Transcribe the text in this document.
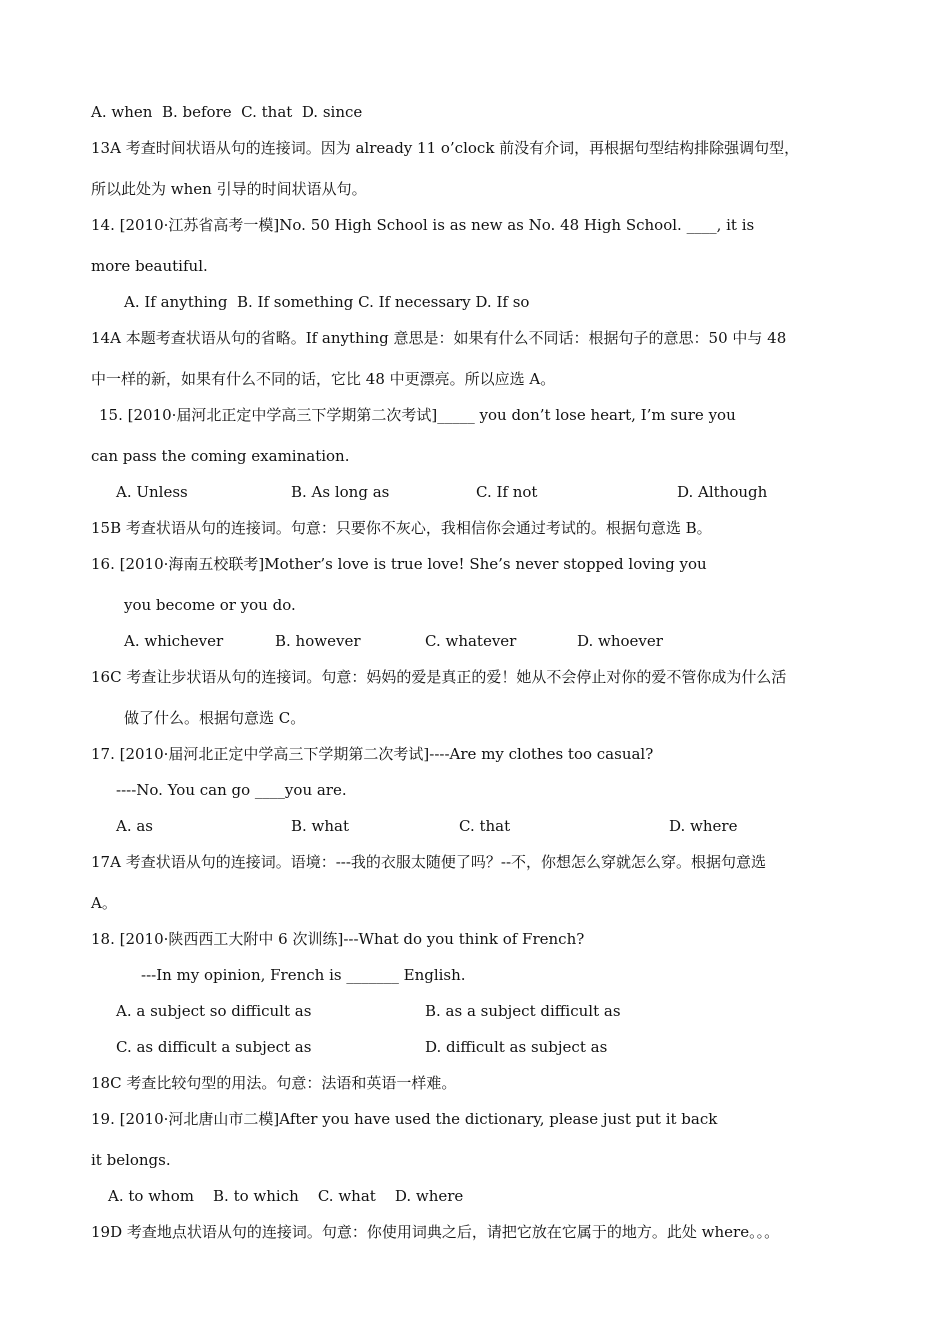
A. when  B. before  C. that  D. since
13A 考查时间状语从句的连接词。因为 already 11 o’clock 前没有介词，再根据句型结构排除强调句型，
所以此处为 when 引导的时间状语从句。
14. [2010·江苏省高考一模]No. 50 High School is as new as No. 48 High School. ____, it is
more beautiful.
A. If anything  B. If something C. If necessary D. If so
14A 本题考查状语从句的省略。If anything 意思是：如果有什么不同话：根据句子的意思：50 中与 48
中一样的新，如果有什么不同的话，它比 48 中更漂亮。所以应选 A。
15. [2010·届河北正定中学高三下学期第二次考试]_____ you don’t lose heart, I’m sure you
can pass the coming examination.
A. Unless	B. As long as	C. If not	D. Although
15B 考查状语从句的连接词。句意：只要你不灰心，我相信你会通过考试的。根据句意选 B。
16. [2010·海南五校联考]Mother’s love is true love! She’s never stopped loving you
you become or you do.
A. whichever	B. however	C. whatever	D. whoever
16C 考查让步状语从句的连接词。句意：妈妈的爱是真正的爱！她从不会停止对你的爱不管你成为什么活
做了什么。根据句意选 C。
17. [2010·届河北正定中学高三下学期第二次考试]----Are my clothes too casual?
----No. You can go ____you are.
A. as	B. what	C. that	D. where
17A 考查状语从句的连接词。语境：---我的衣服太随便了吗？--不，你想怎么穿就怎么穿。根据句意选
A。
18. [2010·陕西西工大附中 6 次训练]---What do you think of French?
---In my opinion, French is _______ English.
A. a subject so difficult as	B. as a subject difficult as
C. as difficult a subject as	D. difficult as subject as
18C 考查比较句型的用法。句意：法语和英语一样难。
19. [2010·河北唐山市二模]After you have used the dictionary, please just put it back
it belongs.
A. to whom    B. to which    C. what    D. where
19D 考查地点状语从句的连接词。句意：你使用词典之后，请把它放在它属于的地方。此处 where。。。
